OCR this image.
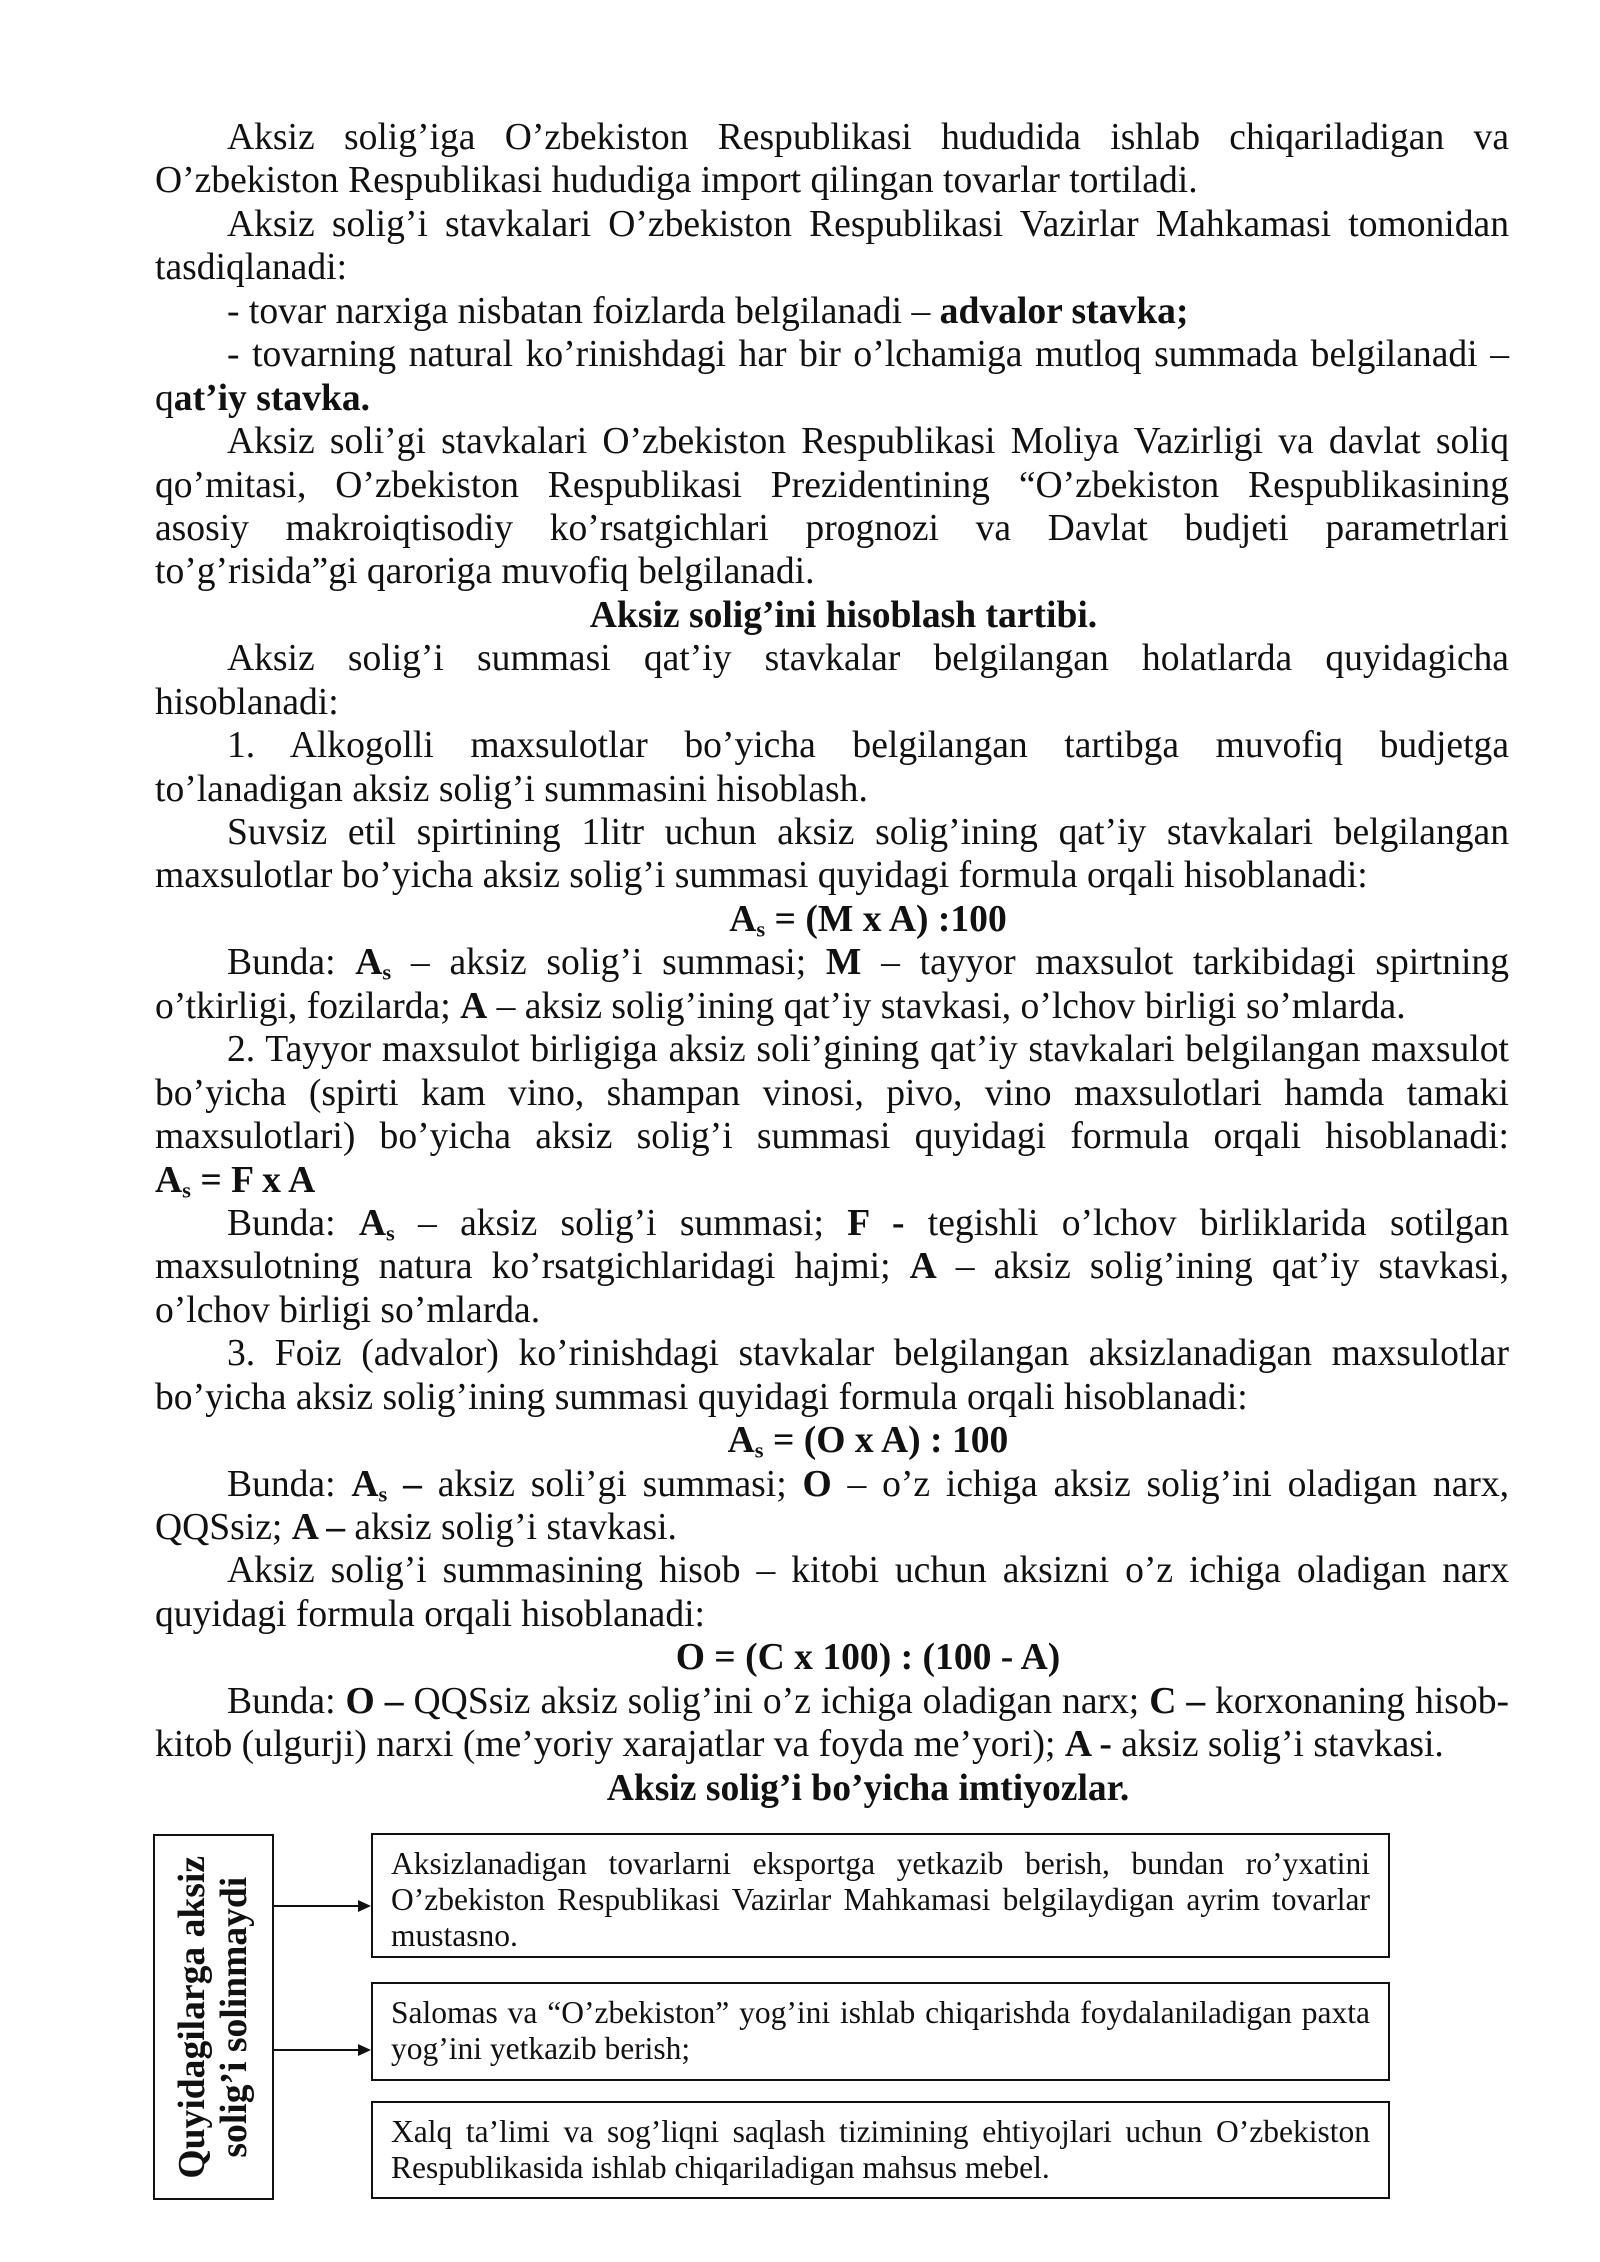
Aksiz solig’iga O’zbekiston Respublikasi hududida ishlab chiqariladigan va O’zbekiston Respublikasi hududiga import qilingan tovarlar tortiladi.

Aksiz solig’i stavkalari O’zbekiston Respublikasi Vazirlar Mahkamasi tomonidan tasdiqlanadi:

- tovar narxiga nisbatan foizlarda belgilanadi – advalor stavka;

- tovarning natural ko’rinishdagi har bir o’lchamiga mutloq summada belgilanadi – qat’iy stavka.

Aksiz soli’gi stavkalari O’zbekiston Respublikasi Moliya Vazirligi va davlat soliq qo’mitasi, O’zbekiston Respublikasi Prezidentining “O’zbekiston Respublikasining asosiy makroiqtisodiy ko’rsatgichlari prognozi va Davlat budjeti parametrlari to’g’risida”gi qaroriga muvofiq belgilanadi.

Aksiz solig’ini hisoblash tartibi.

Aksiz solig’i summasi qat’iy stavkalar belgilangan holatlarda quyidagicha hisoblanadi:

1. Alkogolli maxsulotlar bo’yicha belgilangan tartibga muvofiq budjetga to’lanadigan aksiz solig’i summasini hisoblash.

Suvsiz etil spirtining 1litr uchun aksiz solig’ining qat’iy stavkalari belgilangan maxsulotlar bo’yicha aksiz solig’i summasi quyidagi formula orqali hisoblanadi:

$A_s = (M$ x A) :100

Bunda: $A_s$ – aksiz solig’i summasi; M – tayyor maxsulot tarkibidagi spirtning o’tkirligi, fozilarda; A – aksiz solig’ining qat’iy stavkasi, o’lchov birligi so’mlarda.

2. Tayyor maxsulot birligiga aksiz soli’gining qat’iy stavkalari belgilangan maxsulot bo’yicha (spirti kam vino, shampan vinosi, pivo, vino maxsulotlari hamda tamaki maxsulotlari) bo’yicha aksiz solig’i summasi quyidagi formula orqali hisoblanadi:

$A_s = F$ x A

Bunda: $A_s$ – aksiz solig’i summasi; F - tegishli o’lchov birliklarida sotilgan maxsulotning natura ko’rsatgichlaridagi hajmi; A – aksiz solig’ining qat’iy stavkasi, o’lchov birligi so’mlarda.

3. Foiz (advalor) ko’rinishdagi stavkalar belgilangan aksizlanadigan maxsulotlar bo’yicha aksiz solig’ining summasi quyidagi formula orqali hisoblanadi:

$A_s = (O$ x A) : 100

Bunda: $A_s$ – aksiz soli’gi summasi; O – o’z ichiga aksiz solig’ini oladigan narx, QQSsiz; A – aksiz solig’i stavkasi.

Aksiz solig’i summasining hisob – kitobi uchun aksizni o’z ichiga oladigan narx quyidagi formula orqali hisoblanadi:

O = (C x 100) : (100 - A)

Bunda: O – QQSsiz aksiz solig’ini o’z ichiga oladigan narx; C – korxonaning hisob-kitob (ulgurji) narxi (me’yoriy xarajatlar va foyda me’yori); A - aksiz solig’i stavkasi.

Aksiz solig’i bo’yicha imtiyozlar.

Quyidagilarga aksiz solig’i solinmaydi
Aksizlanadigan tovarlarni eksportga yetkazib berish, bundan ro’yxatini O’zbekiston Respublikasi Vazirlar Mahkamasi belgilaydigan ayrim tovarlar mustasno.
Salomas va “O’zbekiston” yog’ini ishlab chiqarishda foydalaniladigan paxta yog’ini yetkazib berish;
Xalq ta’limi va sog’liqni saqlash tizimining ehtiyojlari uchun O’zbekiston Respublikasida ishlab chiqariladigan mahsus mebel.
